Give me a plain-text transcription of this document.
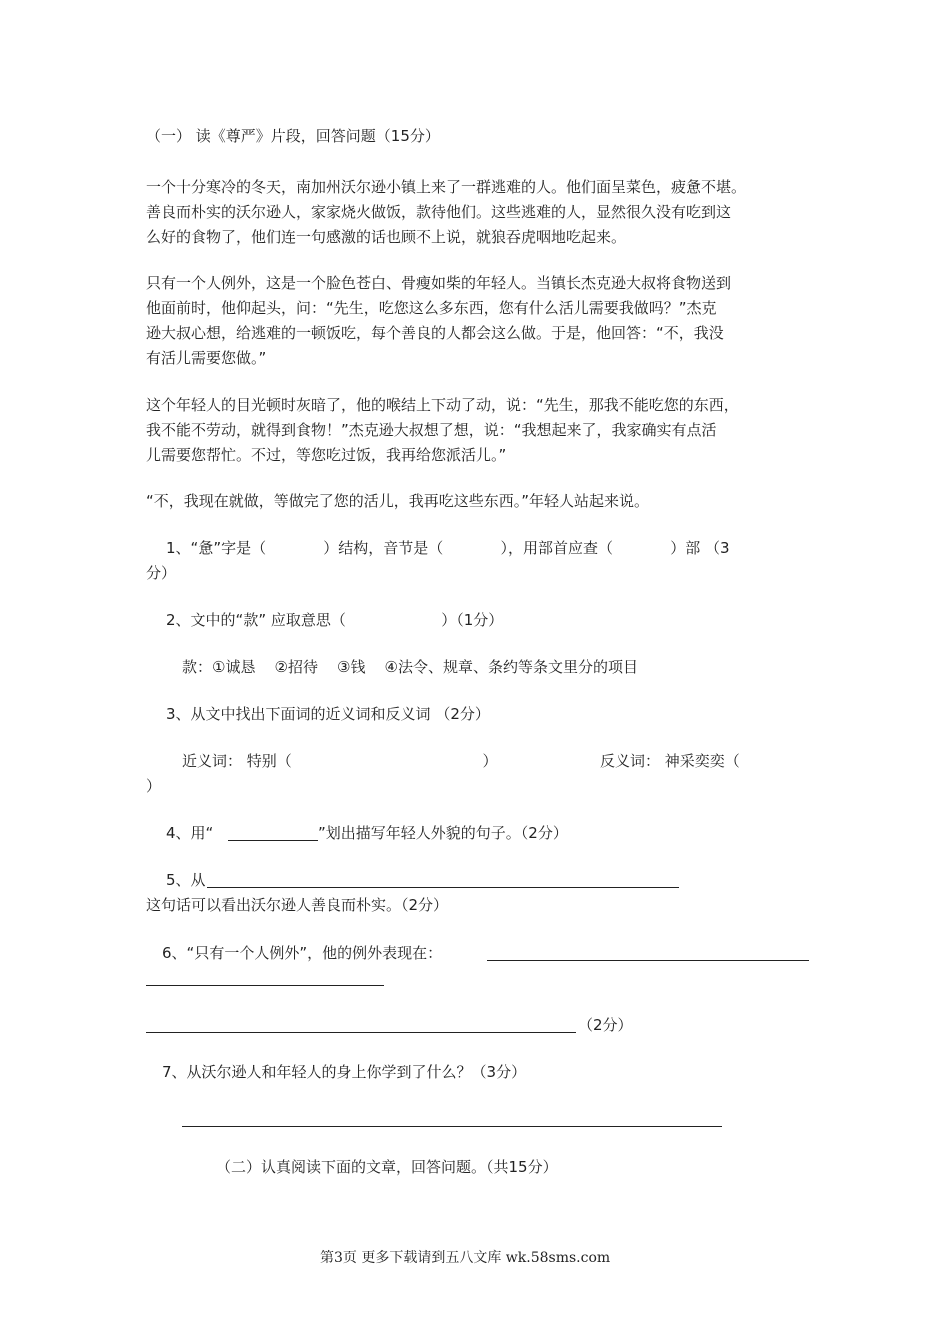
（一） 读《尊严》片段，回答问题（15分）
一个十分寒冷的冬天，南加州沃尔逊小镇上来了一群逃难的人。他们面呈菜色，疲惫不堪。
善良而朴实的沃尔逊人，家家烧火做饭，款待他们。这些逃难的人，显然很久没有吃到这
么好的食物了，他们连一句感激的话也顾不上说，就狼吞虎咽地吃起来。
只有一个人例外，这是一个脸色苍白、骨瘦如柴的年轻人。当镇长杰克逊大叔将食物送到
他面前时，他仰起头，问：“先生，吃您这么多东西，您有什么活儿需要我做吗？”杰克
逊大叔心想，给逃难的一顿饭吃，每个善良的人都会这么做。于是，他回答：“不，我没
有活儿需要您做。”
这个年轻人的目光顿时灰暗了，他的喉结上下动了动，说：“先生，那我不能吃您的东西，
我不能不劳动，就得到食物！”杰克逊大叔想了想，说：“我想起来了，我家确实有点活
儿需要您帮忙。不过，等您吃过饭，我再给您派活儿。”
“不，我现在就做，等做完了您的活儿，我再吃这些东西。”年轻人站起来说。
1、“惫”字是（            ）结构，音节是（            ），用部首应查（            ）部 （3
分）
2、文中的“款” 应取意思（                    ）（1分）
款：①诚恳    ②招待    ③钱    ④法令、规章、条约等条文里分的项目
3、从文中找出下面词的近义词和反义词 （2分）
近义词： 特别（                                        ）	反义词： 神采奕奕（
）
4、用“	”划出描写年轻人外貌的句子。（2分）
5、从
这句话可以看出沃尔逊人善良而朴实。（2分）
6、“只有一个人例外”，他的例外表现在：
（2分）
7、从沃尔逊人和年轻人的身上你学到了什么？（3分）
（二）认真阅读下面的文章，回答问题。（共15分）
第3页 更多下载请到五八文库 wk.58sms.com
